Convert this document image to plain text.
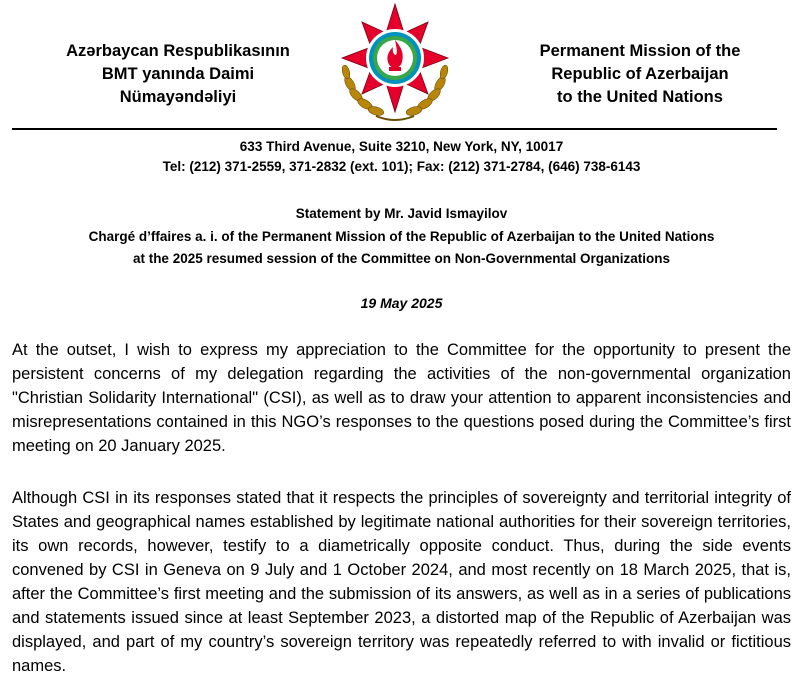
Azərbaycan Respublikasının
BMT yanında Daimi
Nümayəndəliyi
Permanent Mission of the
Republic of Azerbaijan
to the United Nations
633 Third Avenue, Suite 3210, New York, NY, 10017
Tel: (212) 371-2559, 371-2832 (ext. 101); Fax: (212) 371-2784, (646) 738-6143
Statement by Mr. Javid Ismayilov
Chargé d’ffaires a. i. of the Permanent Mission of the Republic of Azerbaijan to the United Nations
at the 2025 resumed session of the Committee on Non-Governmental Organizations
19 May 2025

At the outset, I wish to express my appreciation to the Committee for the opportunity to present the persistent concerns of my delegation regarding the activities of the non-governmental organization "Christian Solidarity International" (CSI), as well as to draw your attention to apparent inconsistencies and misrepresentations contained in this NGO’s responses to the questions posed during the Committee’s first meeting on 20 January 2025.

Although CSI in its responses stated that it respects the principles of sovereignty and territorial integrity of States and geographical names established by legitimate national authorities for their sovereign territories, its own records, however, testify to a diametrically opposite conduct. Thus, during the side events convened by CSI in Geneva on 9 July and 1 October 2024, and most recently on 18 March 2025, that is, after the Committee’s first meeting and the submission of its answers, as well as in a series of publications and statements issued since at least September 2023, a distorted map of the Republic of Azerbaijan was displayed, and part of my country’s sovereign territory was repeatedly referred to with invalid or fictitious names.
